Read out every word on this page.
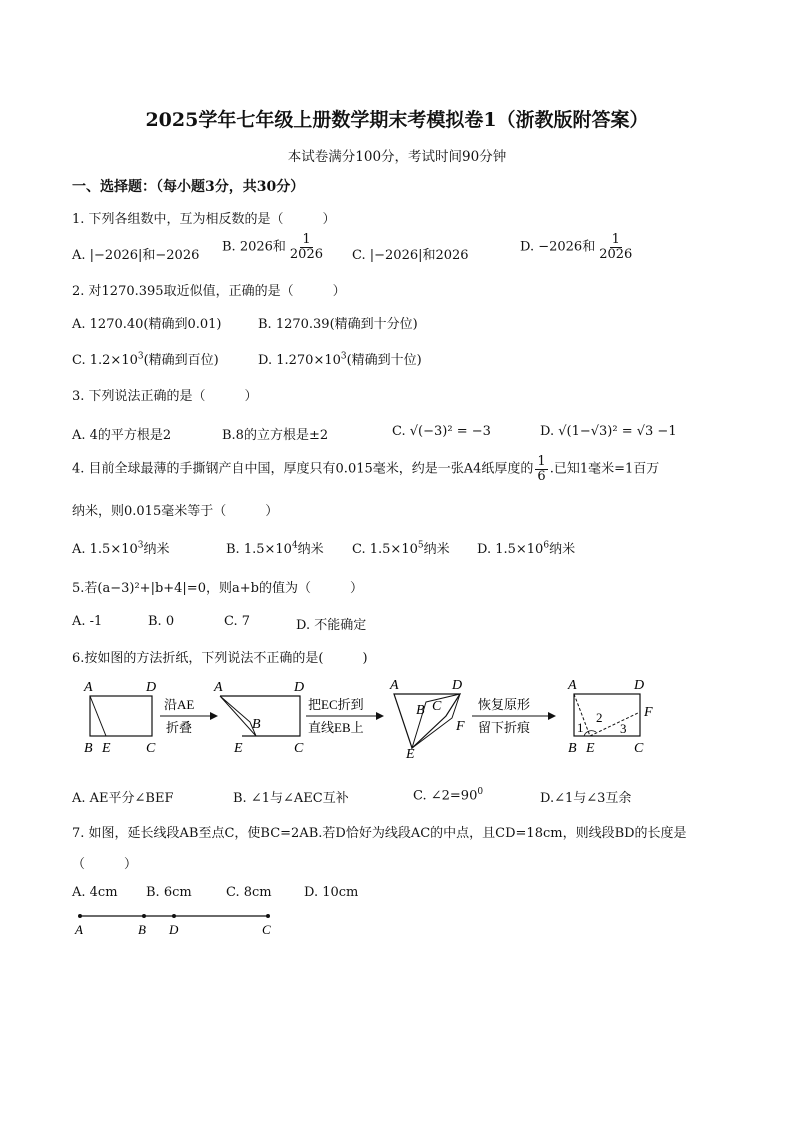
2025学年七年级上册数学期末考模拟卷1（浙教版附答案）
本试卷满分100分，考试时间90分钟
一、选择题：（每小题3分，共30分）
1. 下列各组数中，互为相反数的是（　　　）
A. |−2026|和−2026
B. 2026和 $\frac{1}{2026} C$. |−2026|和2026
D. −2026和 $\frac{1}{2026}$
2. 对1270.395取近似值，正确的是（　　　）
A. 1270.40(精确到0.01)	B. 1270.39(精确到十分位)
C. $1.2\times 10^3$(精确到百位)	D. $1.270\times 10^3$(精确到十位)
3. 下列说法正确的是（　　　）
A. 4的平方根是2	B.8的立方根是±2	C. √(−3)² = −3	D. √(1−√3)² = √3 −1
4. 目前全球最薄的手撕钢产自中国，厚度只有0.015毫米，约是一张A4纸厚度的 $\frac{1}{6}$ .已知1毫米=1百万
纳米，则0.015毫米等于（　　　）
A. $1.5\times 10^3$纳米	B. $1.5\times 10^4$纳米 C. $1.5\times 10^5$纳米 D. $1.5\times 10^6$纳米
5.若(a−3)²+|b+4|=0，则a+b的值为（　　　）
A. -1	B. 0	C. 7	D. 不能确定
6.按如图的方法折纸，下列说法不正确的是(　　　)
A	D
B E	C
沿AE
折叠
A	D
B
E	C
把EC折到
直线EB上
A	D
B C
F
E
恢复原形
留下折痕
A	D
F
B E	C
1
2
3
A. AE平分∠BEF	B. ∠1与∠AEC互补	C. $\angle 2=90^0$	D.∠1与∠3互余
7. 如图，延长线段AB至点C，使BC=2AB.若D恰好为线段AC的中点，且CD=18cm，则线段BD的长度是
（　　　）
A. 4cm B. 6cm	C. 8cm D. 10cm
A	B D	C
